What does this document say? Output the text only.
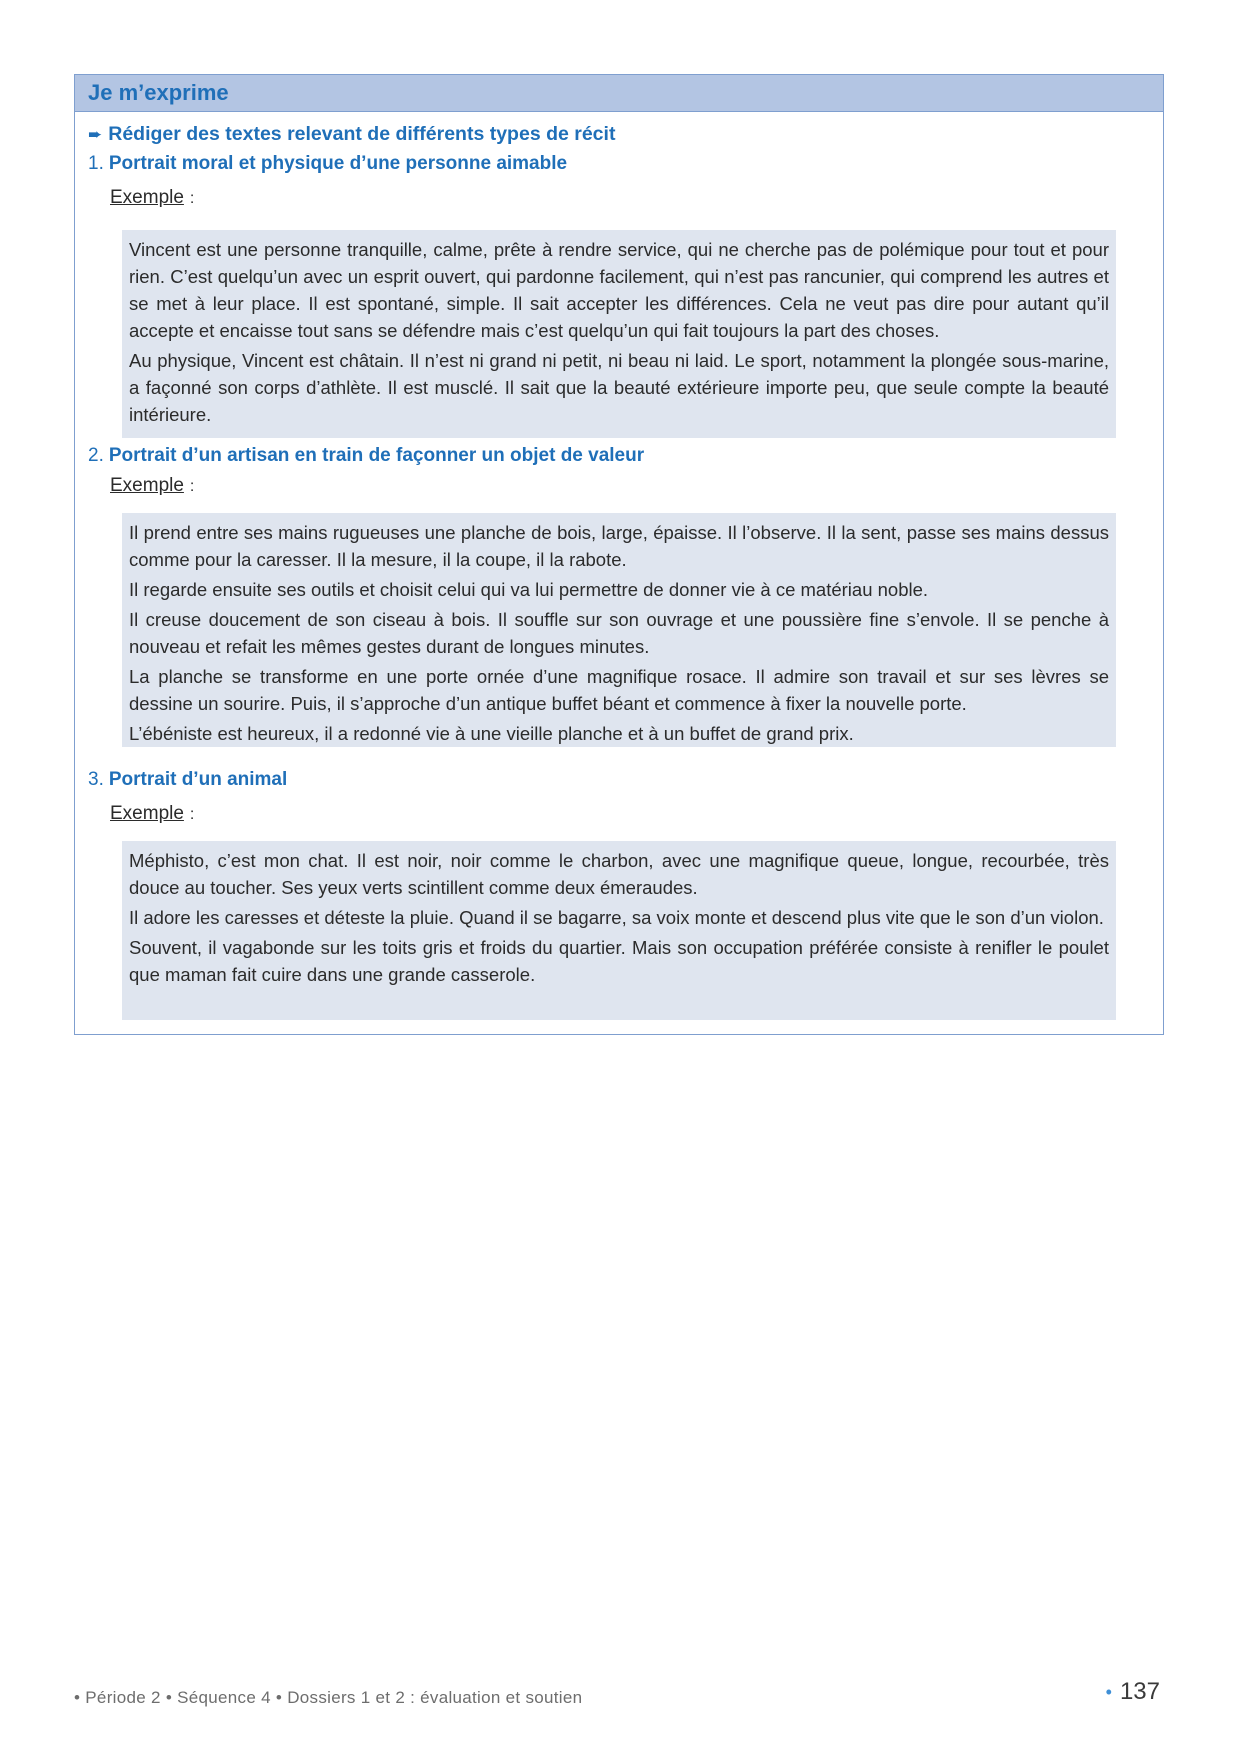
Je m’exprime
➨ Rédiger des textes relevant de différents types de récit
1. Portrait moral et physique d’une personne aimable
Exemple :

Vincent est une personne tranquille, calme, prête à rendre service, qui ne cherche pas de polémique pour tout et pour rien. C’est quelqu’un avec un esprit ouvert, qui pardonne facilement, qui n’est pas rancunier, qui comprend les autres et se met à leur place. Il est spontané, simple. Il sait accepter les différences. Cela ne veut pas dire pour autant qu’il accepte et encaisse tout sans se défendre mais c’est quelqu’un qui fait toujours la part des choses.

Au physique, Vincent est châtain. Il n’est ni grand ni petit, ni beau ni laid. Le sport, notamment la plongée sous-marine, a façonné son corps d’athlète. Il est musclé. Il sait que la beauté extérieure importe peu, que seule compte la beauté intérieure.

2. Portrait d’un artisan en train de façonner un objet de valeur
Exemple :

Il prend entre ses mains rugueuses une planche de bois, large, épaisse. Il l’observe. Il la sent, passe ses mains dessus comme pour la caresser. Il la mesure, il la coupe, il la rabote.

Il regarde ensuite ses outils et choisit celui qui va lui permettre de donner vie à ce matériau noble.

Il creuse doucement de son ciseau à bois. Il souffle sur son ouvrage et une poussière fine s’envole. Il se penche à nouveau et refait les mêmes gestes durant de longues minutes.

La planche se transforme en une porte ornée d’une magnifique rosace. Il admire son travail et sur ses lèvres se dessine un sourire. Puis, il s’approche d’un antique buffet béant et commence à fixer la nouvelle porte.

L’ébéniste est heureux, il a redonné vie à une vieille planche et à un buffet de grand prix.

3. Portrait d’un animal
Exemple :

Méphisto, c’est mon chat. Il est noir, noir comme le charbon, avec une magnifique queue, longue, recourbée, très douce au toucher. Ses yeux verts scintillent comme deux émeraudes.

Il adore les caresses et déteste la pluie. Quand il se bagarre, sa voix monte et descend plus vite que le son d’un violon.

Souvent, il vagabonde sur les toits gris et froids du quartier. Mais son occupation préférée consiste à renifler le poulet que maman fait cuire dans une grande casserole.

• Période 2 • Séquence 4 • Dossiers 1 et 2 : évaluation et soutien	• 137
